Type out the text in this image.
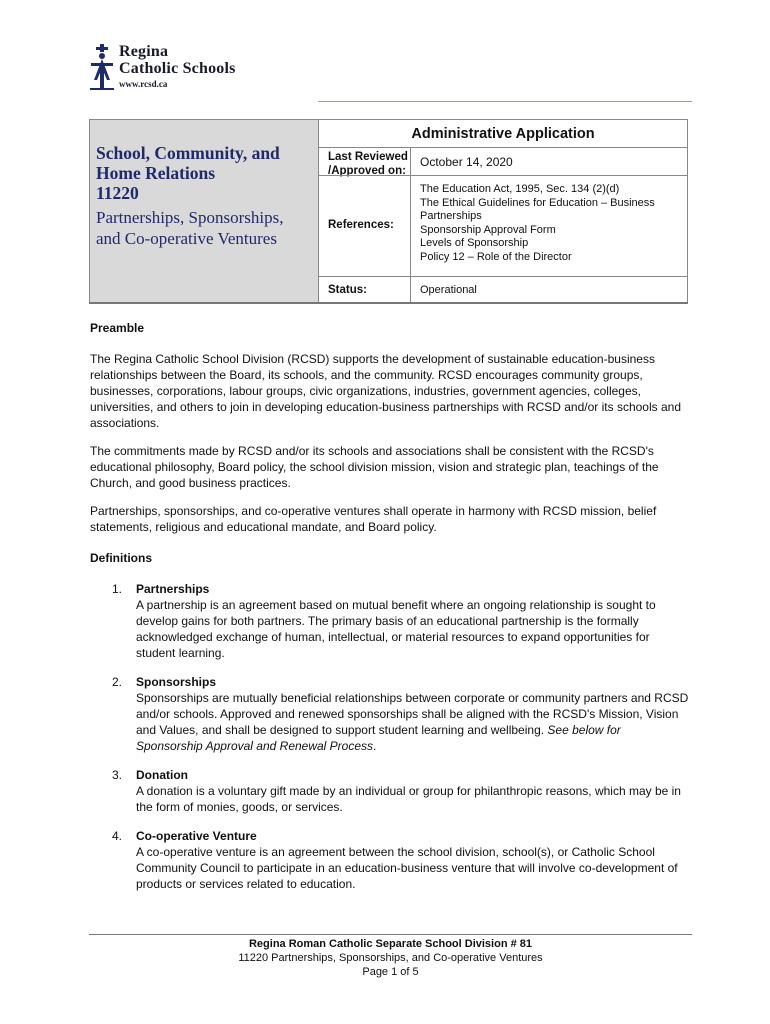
Regina
Catholic Schools
www.rcsd.ca
School, Community, and
Home Relations
11220
Partnerships, Sponsorships,
and Co-operative Ventures
Administrative Application
Last Reviewed
/Approved on:
October 14, 2020
References:
The Education Act, 1995, Sec. 134 (2)(d)
The Ethical Guidelines for Education – Business
Partnerships
Sponsorship Approval Form
Levels of Sponsorship
Policy 12 – Role of the Director
Status:	Operational
Preamble

The Regina Catholic School Division (RCSD) supports the development of sustainable education-business relationships between the Board, its schools, and the community. RCSD encourages community groups, businesses, corporations, labour groups, civic organizations, industries, government agencies, colleges, universities, and others to join in developing education-business partnerships with RCSD and/or its schools and associations.

The commitments made by RCSD and/or its schools and associations shall be consistent with the RCSD's educational philosophy, Board policy, the school division mission, vision and strategic plan, teachings of the Church, and good business practices.

Partnerships, sponsorships, and co-operative ventures shall operate in harmony with RCSD mission, belief statements, religious and educational mandate, and Board policy.

Definitions
1. Partnerships
A partnership is an agreement based on mutual benefit where an ongoing relationship is sought to develop gains for both partners. The primary basis of an educational partnership is the formally acknowledged exchange of human, intellectual, or material resources to expand opportunities for student learning.
2. Sponsorships
Sponsorships are mutually beneficial relationships between corporate or community partners and RCSD and/or schools. Approved and renewed sponsorships shall be aligned with the RCSD's Mission, Vision and Values, and shall be designed to support student learning and wellbeing. See below for Sponsorship Approval and Renewal Process.
3. Donation
A donation is a voluntary gift made by an individual or group for philanthropic reasons, which may be in the form of monies, goods, or services.
4. Co-operative Venture
A co-operative venture is an agreement between the school division, school(s), or Catholic School Community Council to participate in an education-business venture that will involve co-development of products or services related to education.
Regina Roman Catholic Separate School Division # 81
11220 Partnerships, Sponsorships, and Co-operative Ventures
Page 1 of 5
